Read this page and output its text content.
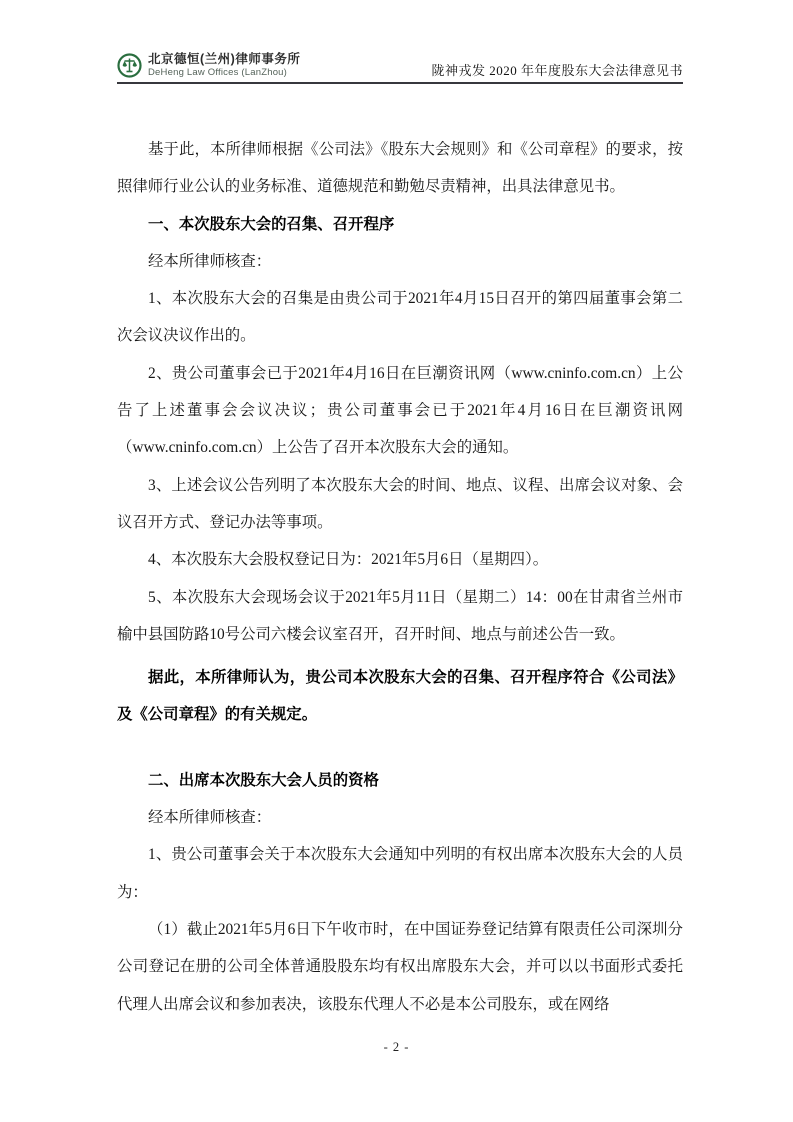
北京德恒(兰州)律师事务所
DeHeng Law Offices (LanZhou)	陇神戎发 2020 年年度股东大会法律意见书

基于此，本所律师根据《公司法》《股东大会规则》和《公司章程》的要求，按照律师行业公认的业务标准、道德规范和勤勉尽责精神，出具法律意见书。

一、本次股东大会的召集、召开程序

经本所律师核查：

1、本次股东大会的召集是由贵公司于2021年4月15日召开的第四届董事会第二次会议决议作出的。

2、贵公司董事会已于2021年4月16日在巨潮资讯网（www.cninfo.com.cn）上公告了上述董事会会议决议；贵公司董事会已于2021年4月16日在巨潮资讯网（www.cninfo.com.cn）上公告了召开本次股东大会的通知。

3、上述会议公告列明了本次股东大会的时间、地点、议程、出席会议对象、会议召开方式、登记办法等事项。

4、本次股东大会股权登记日为：2021年5月6日（星期四）。

5、本次股东大会现场会议于2021年5月11日（星期二）14：00在甘肃省兰州市榆中县国防路10号公司六楼会议室召开，召开时间、地点与前述公告一致。

据此，本所律师认为，贵公司本次股东大会的召集、召开程序符合《公司法》及《公司章程》的有关规定。

二、出席本次股东大会人员的资格

经本所律师核查：

1、贵公司董事会关于本次股东大会通知中列明的有权出席本次股东大会的人员为：

（1）截止2021年5月6日下午收市时，在中国证券登记结算有限责任公司深圳分公司登记在册的公司全体普通股股东均有权出席股东大会，并可以以书面形式委托代理人出席会议和参加表决，该股东代理人不必是本公司股东，或在网络

- 2 -
